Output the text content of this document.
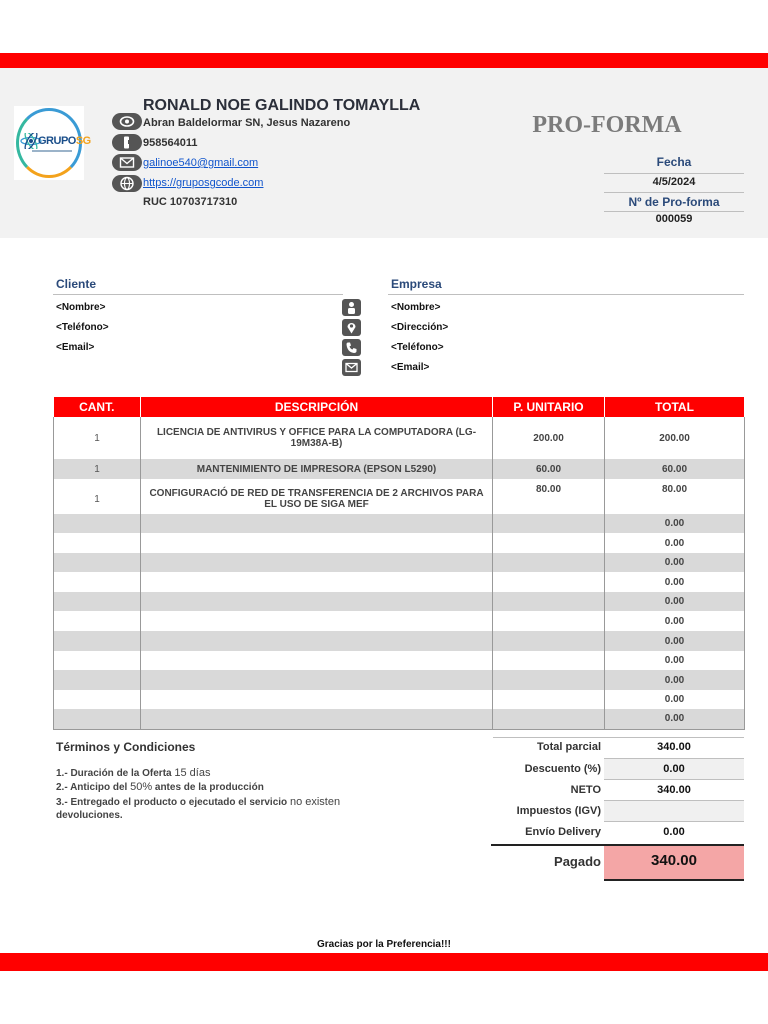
GRUPOSG
RONALD NOE GALINDO TOMAYLLA
Abran Baldelormar SN, Jesus Nazareno
958564011
galinoe540@gmail.com
https://gruposgcode.com
RUC 10703717310
PRO-FORMA
Fecha
4/5/2024
Nº de Pro-forma
000059
Cliente
<Nombre>
<Teléfono>
<Email>
Empresa
<Nombre>
<Dirección>
<Teléfono>
<Email>
CANT.	DESCRIPCIÓN	P. UNITARIO	TOTAL
1	LICENCIA DE ANTIVIRUS Y OFFICE PARA LA COMPUTADORA (LG-19M38A-B)	200.00	200.00
1	MANTENIMIENTO DE IMPRESORA (EPSON L5290)	60.00	60.00
1	CONFIGURACIÓ DE RED DE TRANSFERENCIA DE 2 ARCHIVOS PARA EL USO DE SIGA MEF	80.00	80.00
			0.00
			0.00
			0.00
			0.00
			0.00
			0.00
			0.00
			0.00
			0.00
			0.00
			0.00
Términos y Condiciones
1.- Duración de la Oferta 15 días
2.- Anticipo del 50% antes de la producción
3.- Entregado el producto o ejecutado el servicio no existen
devoluciones.
Total parcial	340.00
Descuento (%)	0.00
NETO	340.00
Impuestos (IGV)
Envío Delivery	0.00
Pagado	340.00
Gracias por la Preferencia!!!
